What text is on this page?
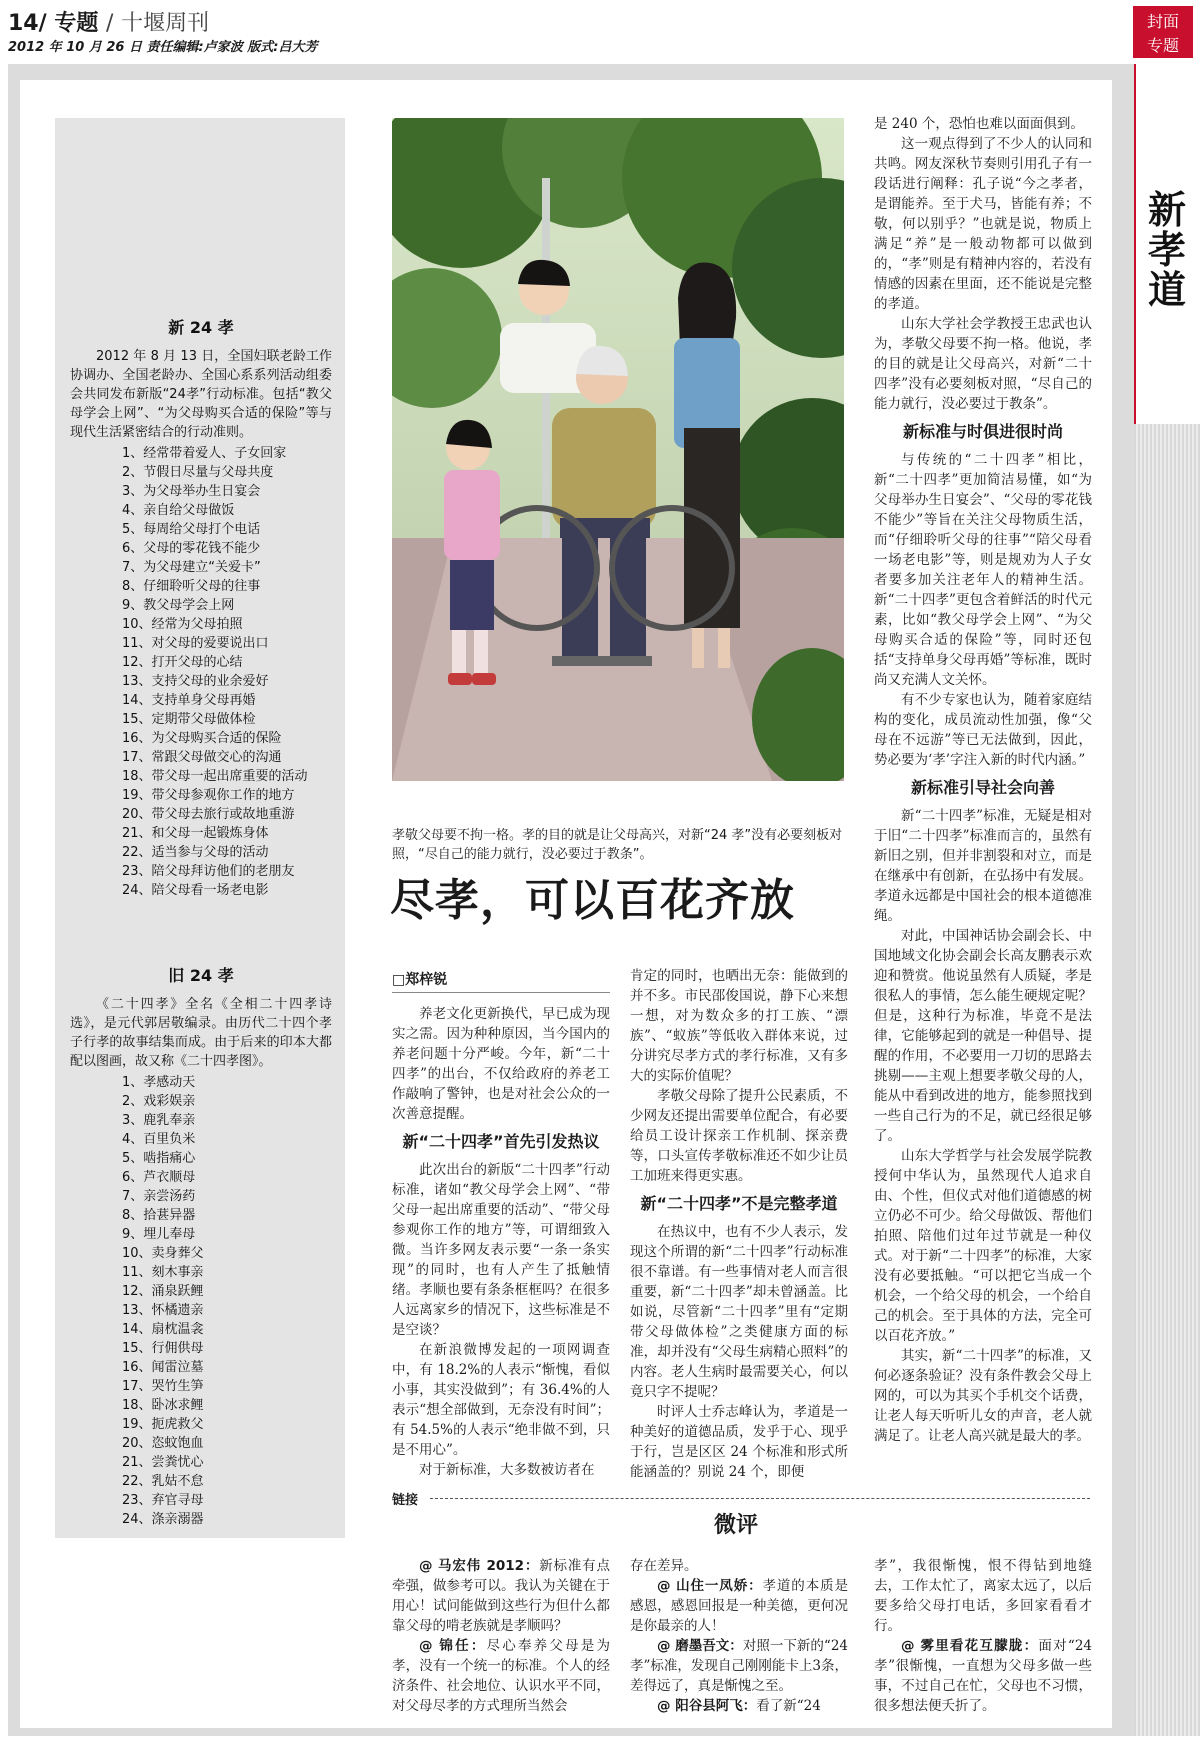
14/ 专题 / 十堰周刊
2012 年 10 月 26 日 责任编辑:卢家波 版式:吕大芳
封面
专题
新孝道
新 24 孝

2012 年 8 月 13 日，全国妇联老龄工作协调办、全国老龄办、全国心系系列活动组委会共同发布新版“24孝”行动标准。包括“教父母学会上网”、“为父母购买合适的保险”等与现代生活紧密结合的行动准则。

1、经常带着爱人、子女回家
2、节假日尽量与父母共度
3、为父母举办生日宴会
4、亲自给父母做饭
5、每周给父母打个电话
6、父母的零花钱不能少
7、为父母建立“关爱卡”
8、仔细聆听父母的往事
9、教父母学会上网
10、经常为父母拍照
11、对父母的爱要说出口
12、打开父母的心结
13、支持父母的业余爱好
14、支持单身父母再婚
15、定期带父母做体检
16、为父母购买合适的保险
17、常跟父母做交心的沟通
18、带父母一起出席重要的活动
19、带父母参观你工作的地方
20、带父母去旅行或故地重游
21、和父母一起锻炼身体
22、适当参与父母的活动
23、陪父母拜访他们的老朋友
24、陪父母看一场老电影
旧 24 孝

《二十四孝》全名《全相二十四孝诗选》，是元代郭居敬编录。由历代二十四个孝子行孝的故事结集而成。由于后来的印本大都配以图画，故又称《二十四孝图》。

1、孝感动天
2、戏彩娱亲
3、鹿乳奉亲
4、百里负米
5、啮指痛心
6、芦衣顺母
7、亲尝汤药
8、拾葚异器
9、埋儿奉母
10、卖身葬父
11、刻木事亲
12、涌泉跃鲤
13、怀橘遗亲
14、扇枕温衾
15、行佣供母
16、闻雷泣墓
17、哭竹生笋
18、卧冰求鲤
19、扼虎救父
20、恣蚊饱血
21、尝粪忧心
22、乳姑不怠
23、弃官寻母
24、涤亲溺器
孝敬父母要不拘一格。孝的目的就是让父母高兴，对新“24 孝”没有必要刻板对照，“尽自己的能力就行，没必要过于教条”。
尽孝，可以百花齐放
□郑梓锐

养老文化更新换代，早已成为现实之需。因为种种原因，当今国内的养老问题十分严峻。今年，新“二十四孝”的出台，不仅给政府的养老工作敲响了警钟，也是对社会公众的一次善意提醒。

新“二十四孝”首先引发热议

此次出台的新版“二十四孝”行动标准，诸如“教父母学会上网”、“带父母一起出席重要的活动”、“带父母参观你工作的地方”等，可谓细致入微。当许多网友表示要“一条一条实现”的同时，也有人产生了抵触情绪。孝顺也要有条条框框吗？在很多人远离家乡的情况下，这些标准是不是空谈？

在新浪微博发起的一项网调查中，有 18.2%的人表示“惭愧，看似小事，其实没做到”；有 36.4%的人表示“想全部做到，无奈没有时间”；有 54.5%的人表示“绝非做不到，只是不用心”。

对于新标准，大多数被访者在

肯定的同时，也晒出无奈：能做到的并不多。市民邵俊国说，静下心来想一想，对为数众多的打工族、“漂族”、“蚁族”等低收入群体来说，过分讲究尽孝方式的孝行标准，又有多大的实际价值呢？

孝敬父母除了提升公民素质，不少网友还提出需要单位配合，有必要给员工设计探亲工作机制、探亲费等，口头宣传孝敬标准还不如少让员工加班来得更实惠。

新“二十四孝”不是完整孝道

在热议中，也有不少人表示，发现这个所谓的新“二十四孝”行动标准很不靠谱。有一些事情对老人而言很重要，新“二十四孝”却未曾涵盖。比如说，尽管新“二十四孝”里有“定期带父母做体检”之类健康方面的标准，却并没有“父母生病精心照料”的内容。老人生病时最需要关心，何以竟只字不提呢？

时评人士乔志峰认为，孝道是一种美好的道德品质，发乎于心、现乎于行，岂是区区 24 个标准和形式所能涵盖的？别说 24 个，即便

是 240 个，恐怕也难以面面俱到。

这一观点得到了不少人的认同和共鸣。网友深秋节奏则引用孔子有一段话进行阐释：孔子说“今之孝者，是谓能养。至于犬马，皆能有养；不敬，何以别乎？”也就是说，物质上满足“养”是一般动物都可以做到的，“孝”则是有精神内容的，若没有情感的因素在里面，还不能说是完整的孝道。

山东大学社会学教授王忠武也认为，孝敬父母要不拘一格。他说，孝的目的就是让父母高兴，对新“二十四孝”没有必要刻板对照，“尽自己的能力就行，没必要过于教条”。

新标准与时俱进很时尚

与传统的“二十四孝”相比，新“二十四孝”更加简洁易懂，如“为父母举办生日宴会”、“父母的零花钱不能少”等旨在关注父母物质生活，而“仔细聆听父母的往事”“陪父母看一场老电影”等，则是规劝为人子女者要多加关注老年人的精神生活。新“二十四孝”更包含着鲜活的时代元素，比如“教父母学会上网”、“为父母购买合适的保险”等，同时还包括“支持单身父母再婚”等标准，既时尚又充满人文关怀。

有不少专家也认为，随着家庭结构的变化，成员流动性加强，像“父母在不远游”等已无法做到，因此，势必要为‘孝’字注入新的时代内涵。”

新标准引导社会向善

新“二十四孝”标准，无疑是相对于旧“二十四孝”标准而言的，虽然有新旧之别，但并非割裂和对立，而是在继承中有创新，在弘扬中有发展。孝道永远都是中国社会的根本道德准绳。

对此，中国神话协会副会长、中国地域文化协会副会长高友鹏表示欢迎和赞赏。他说虽然有人质疑，孝是很私人的事情，怎么能生硬规定呢？但是，这种行为标准，毕竟不是法律，它能够起到的就是一种倡导、提醒的作用，不必要用一刀切的思路去挑剔——主观上想要孝敬父母的人，能从中看到改进的地方，能参照找到一些自己行为的不足，就已经很足够了。

山东大学哲学与社会发展学院教授何中华认为，虽然现代人追求自由、个性，但仪式对他们道德感的树立仍必不可少。给父母做饭、帮他们拍照、陪他们过年过节就是一种仪式。对于新“二十四孝”的标准，大家没有必要抵触。“可以把它当成一个机会，一个给父母的机会，一个给自己的机会。至于具体的方法，完全可以百花齐放。”

其实，新“二十四孝”的标准，又何必逐条验证？没有条件教会父母上网的，可以为其买个手机交个话费，让老人每天听听儿女的声音，老人就满足了。让老人高兴就是最大的孝。

链接
微评

@ 马宏伟 2012：新标准有点牵强，做参考可以。我认为关键在于用心！试问能做到这些行为但什么都靠父母的啃老族就是孝顺吗？

@ 锦任：尽心奉养父母是为孝，没有一个统一的标准。个人的经济条件、社会地位、认识水平不同，对父母尽孝的方式理所当然会

存在差异。

@ 山住一凤娇：孝道的本质是感恩，感恩回报是一种美德，更何况是你最亲的人！

@ 磨墨吾文：对照一下新的“24 孝”标准，发现自己刚刚能卡上3条，差得远了，真是惭愧之至。

@ 阳谷县阿飞：看了新“24

孝”，我很惭愧，恨不得钻到地缝去，工作太忙了，离家太远了，以后要多给父母打电话，多回家看看才行。

@ 雾里看花互朦胧：面对“24孝”很惭愧，一直想为父母多做一些事，不过自己在忙，父母也不习惯，很多想法便夭折了。
